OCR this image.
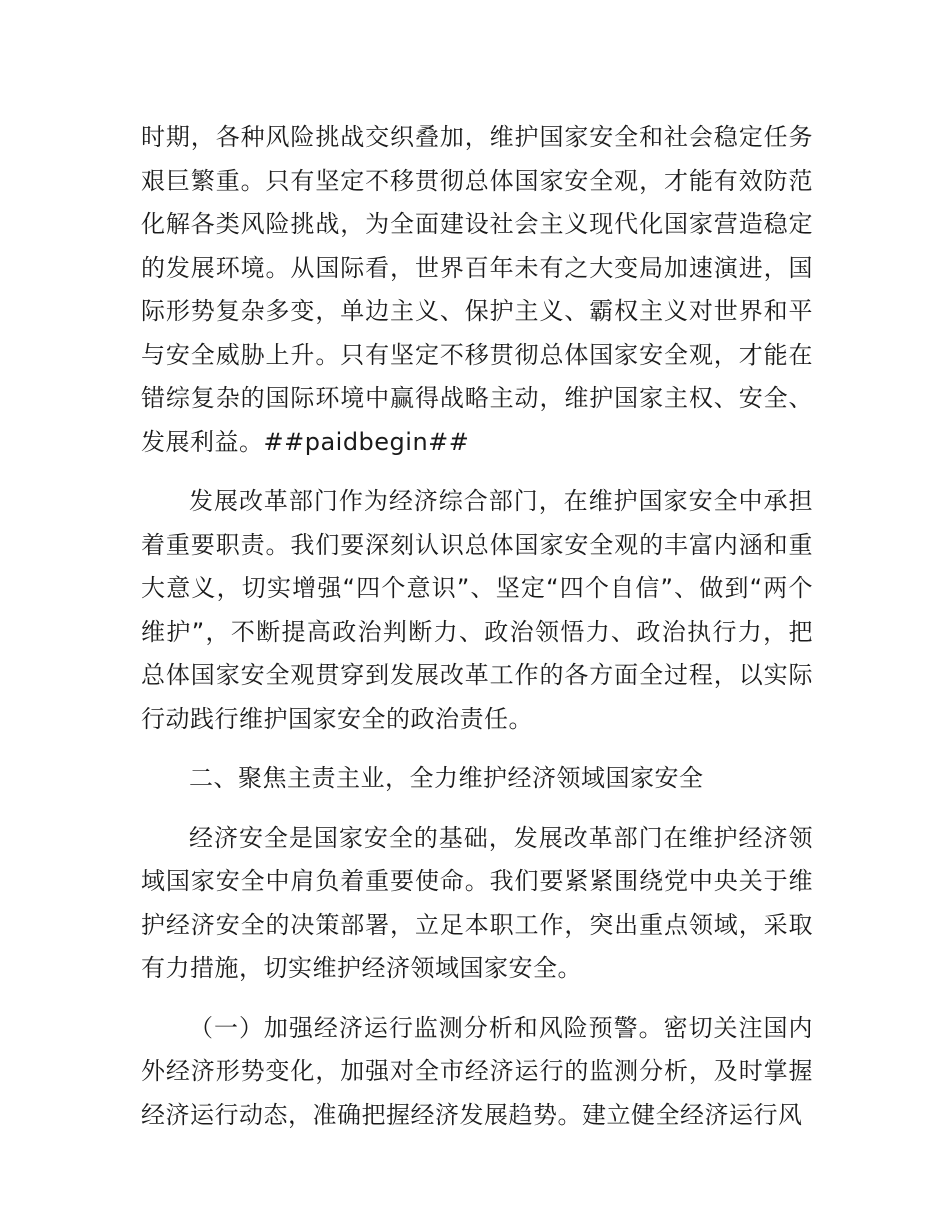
时期，各种风险挑战交织叠加，维护国家安全和社会稳定任务艰巨繁重。只有坚定不移贯彻总体国家安全观，才能有效防范化解各类风险挑战，为全面建设社会主义现代化国家营造稳定的发展环境。从国际看，世界百年未有之大变局加速演进，国际形势复杂多变，单边主义、保护主义、霸权主义对世界和平与安全威胁上升。只有坚定不移贯彻总体国家安全观，才能在错综复杂的国际环境中赢得战略主动，维护国家主权、安全、发展利益。##paidbegin##

发展改革部门作为经济综合部门，在维护国家安全中承担着重要职责。我们要深刻认识总体国家安全观的丰富内涵和重大意义，切实增强“四个意识”、坚定“四个自信”、做到“两个维护”，不断提高政治判断力、政治领悟力、政治执行力，把总体国家安全观贯穿到发展改革工作的各方面全过程，以实际行动践行维护国家安全的政治责任。

二、聚焦主责主业，全力维护经济领域国家安全

经济安全是国家安全的基础，发展改革部门在维护经济领域国家安全中肩负着重要使命。我们要紧紧围绕党中央关于维护经济安全的决策部署，立足本职工作，突出重点领域，采取有力措施，切实维护经济领域国家安全。

（一）加强经济运行监测分析和风险预警。密切关注国内外经济形势变化，加强对全市经济运行的监测分析，及时掌握经济运行动态，准确把握经济发展趋势。建立健全经济运行风
